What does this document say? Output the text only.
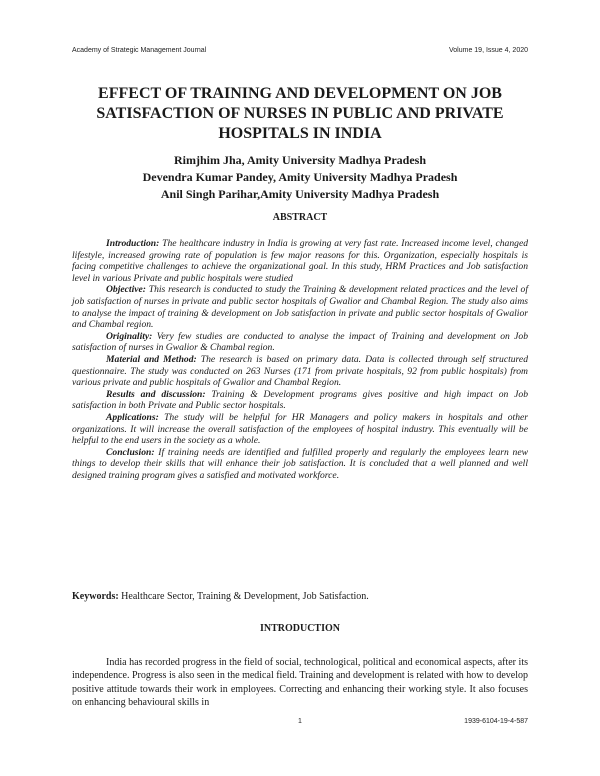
Academy of Strategic Management Journal	Volume 19, Issue 4, 2020
EFFECT OF TRAINING AND DEVELOPMENT ON JOB SATISFACTION OF NURSES IN PUBLIC AND PRIVATE HOSPITALS IN INDIA
Rimjhim Jha, Amity University Madhya Pradesh
Devendra Kumar Pandey, Amity University Madhya Pradesh
Anil Singh Parihar,Amity University Madhya Pradesh
ABSTRACT

Introduction: The healthcare industry in India is growing at very fast rate. Increased income level, changed lifestyle, increased growing rate of population is few major reasons for this. Organization, especially hospitals is facing competitive challenges to achieve the organizational goal. In this study, HRM Practices and Job satisfaction level in various Private and public hospitals were studied

Objective: This research is conducted to study the Training & development related practices and the level of job satisfaction of nurses in private and public sector hospitals of Gwalior and Chambal Region. The study also aims to analyse the impact of training & development on Job satisfaction in private and public sector hospitals of Gwalior and Chambal region.

Originality: Very few studies are conducted to analyse the impact of Training and development on Job satisfaction of nurses in Gwalior & Chambal region.

Material and Method: The research is based on primary data. Data is collected through self structured questionnaire. The study was conducted on 263 Nurses (171 from private hospitals, 92 from public hospitals) from various private and public hospitals of Gwalior and Chambal Region.

Results and discussion: Training & Development programs gives positive and high impact on Job satisfaction in both Private and Public sector hospitals.

Applications: The study will be helpful for HR Managers and policy makers in hospitals and other organizations. It will increase the overall satisfaction of the employees of hospital industry. This eventually will be helpful to the end users in the society as a whole.

Conclusion: If training needs are identified and fulfilled properly and regularly the employees learn new things to develop their skills that will enhance their job satisfaction. It is concluded that a well planned and well designed training program gives a satisfied and motivated workforce.

Keywords: Healthcare Sector, Training & Development, Job Satisfaction.
INTRODUCTION

India has recorded progress in the field of social, technological, political and economical aspects, after its independence. Progress is also seen in the medical field. Training and development is related with how to develop positive attitude towards their work in employees. Correcting and enhancing their working style. It also focuses on enhancing behavioural skills in

1	1939-6104-19-4-587
